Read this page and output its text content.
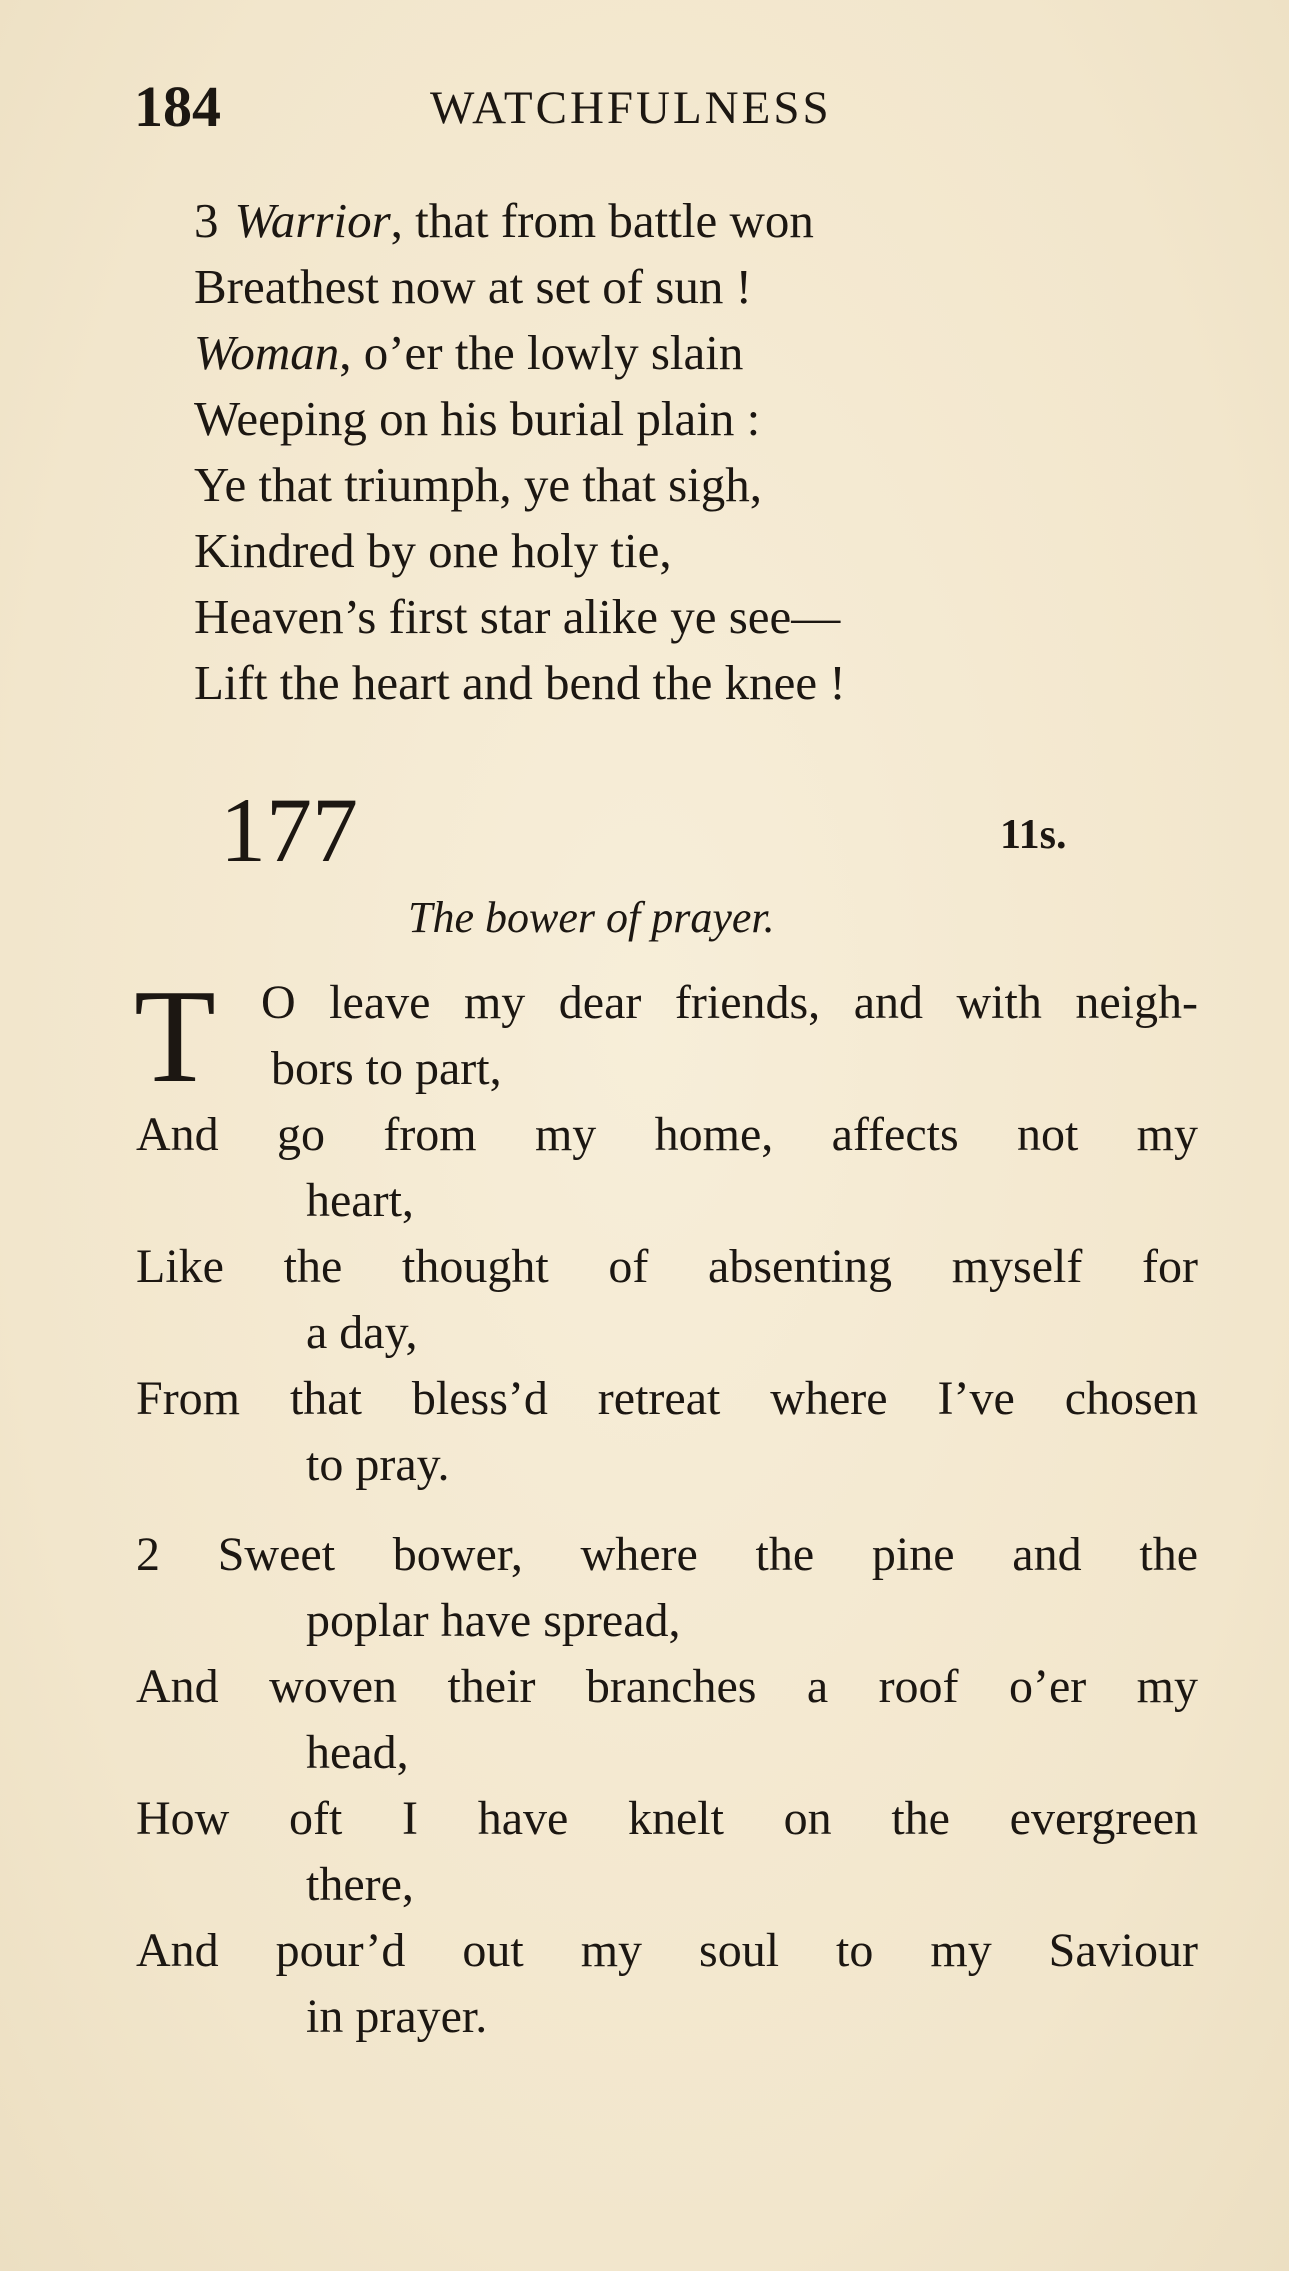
184	WATCHFULNESS
3 Warrior, that from battle won
Breathest now at set of sun !
Woman, o’er the lowly slain
Weeping on his burial plain :
Ye that triumph, ye that sigh,
Kindred by one holy tie,
Heaven’s first star alike ye see—
Lift the heart and bend the knee !
177	11s.
The bower of prayer.
T O leave my dear friends, and with neigh-
bors to part,
And go from my home, affects not my
heart,
Like the thought of absenting myself for
a day,
From that bless’d retreat where I’ve chosen
to pray.
2 Sweet bower, where the pine and the
poplar have spread,
And woven their branches a roof o’er my
head,
How oft I have knelt on the evergreen
there,
And pour’d out my soul to my Saviour
in prayer.
